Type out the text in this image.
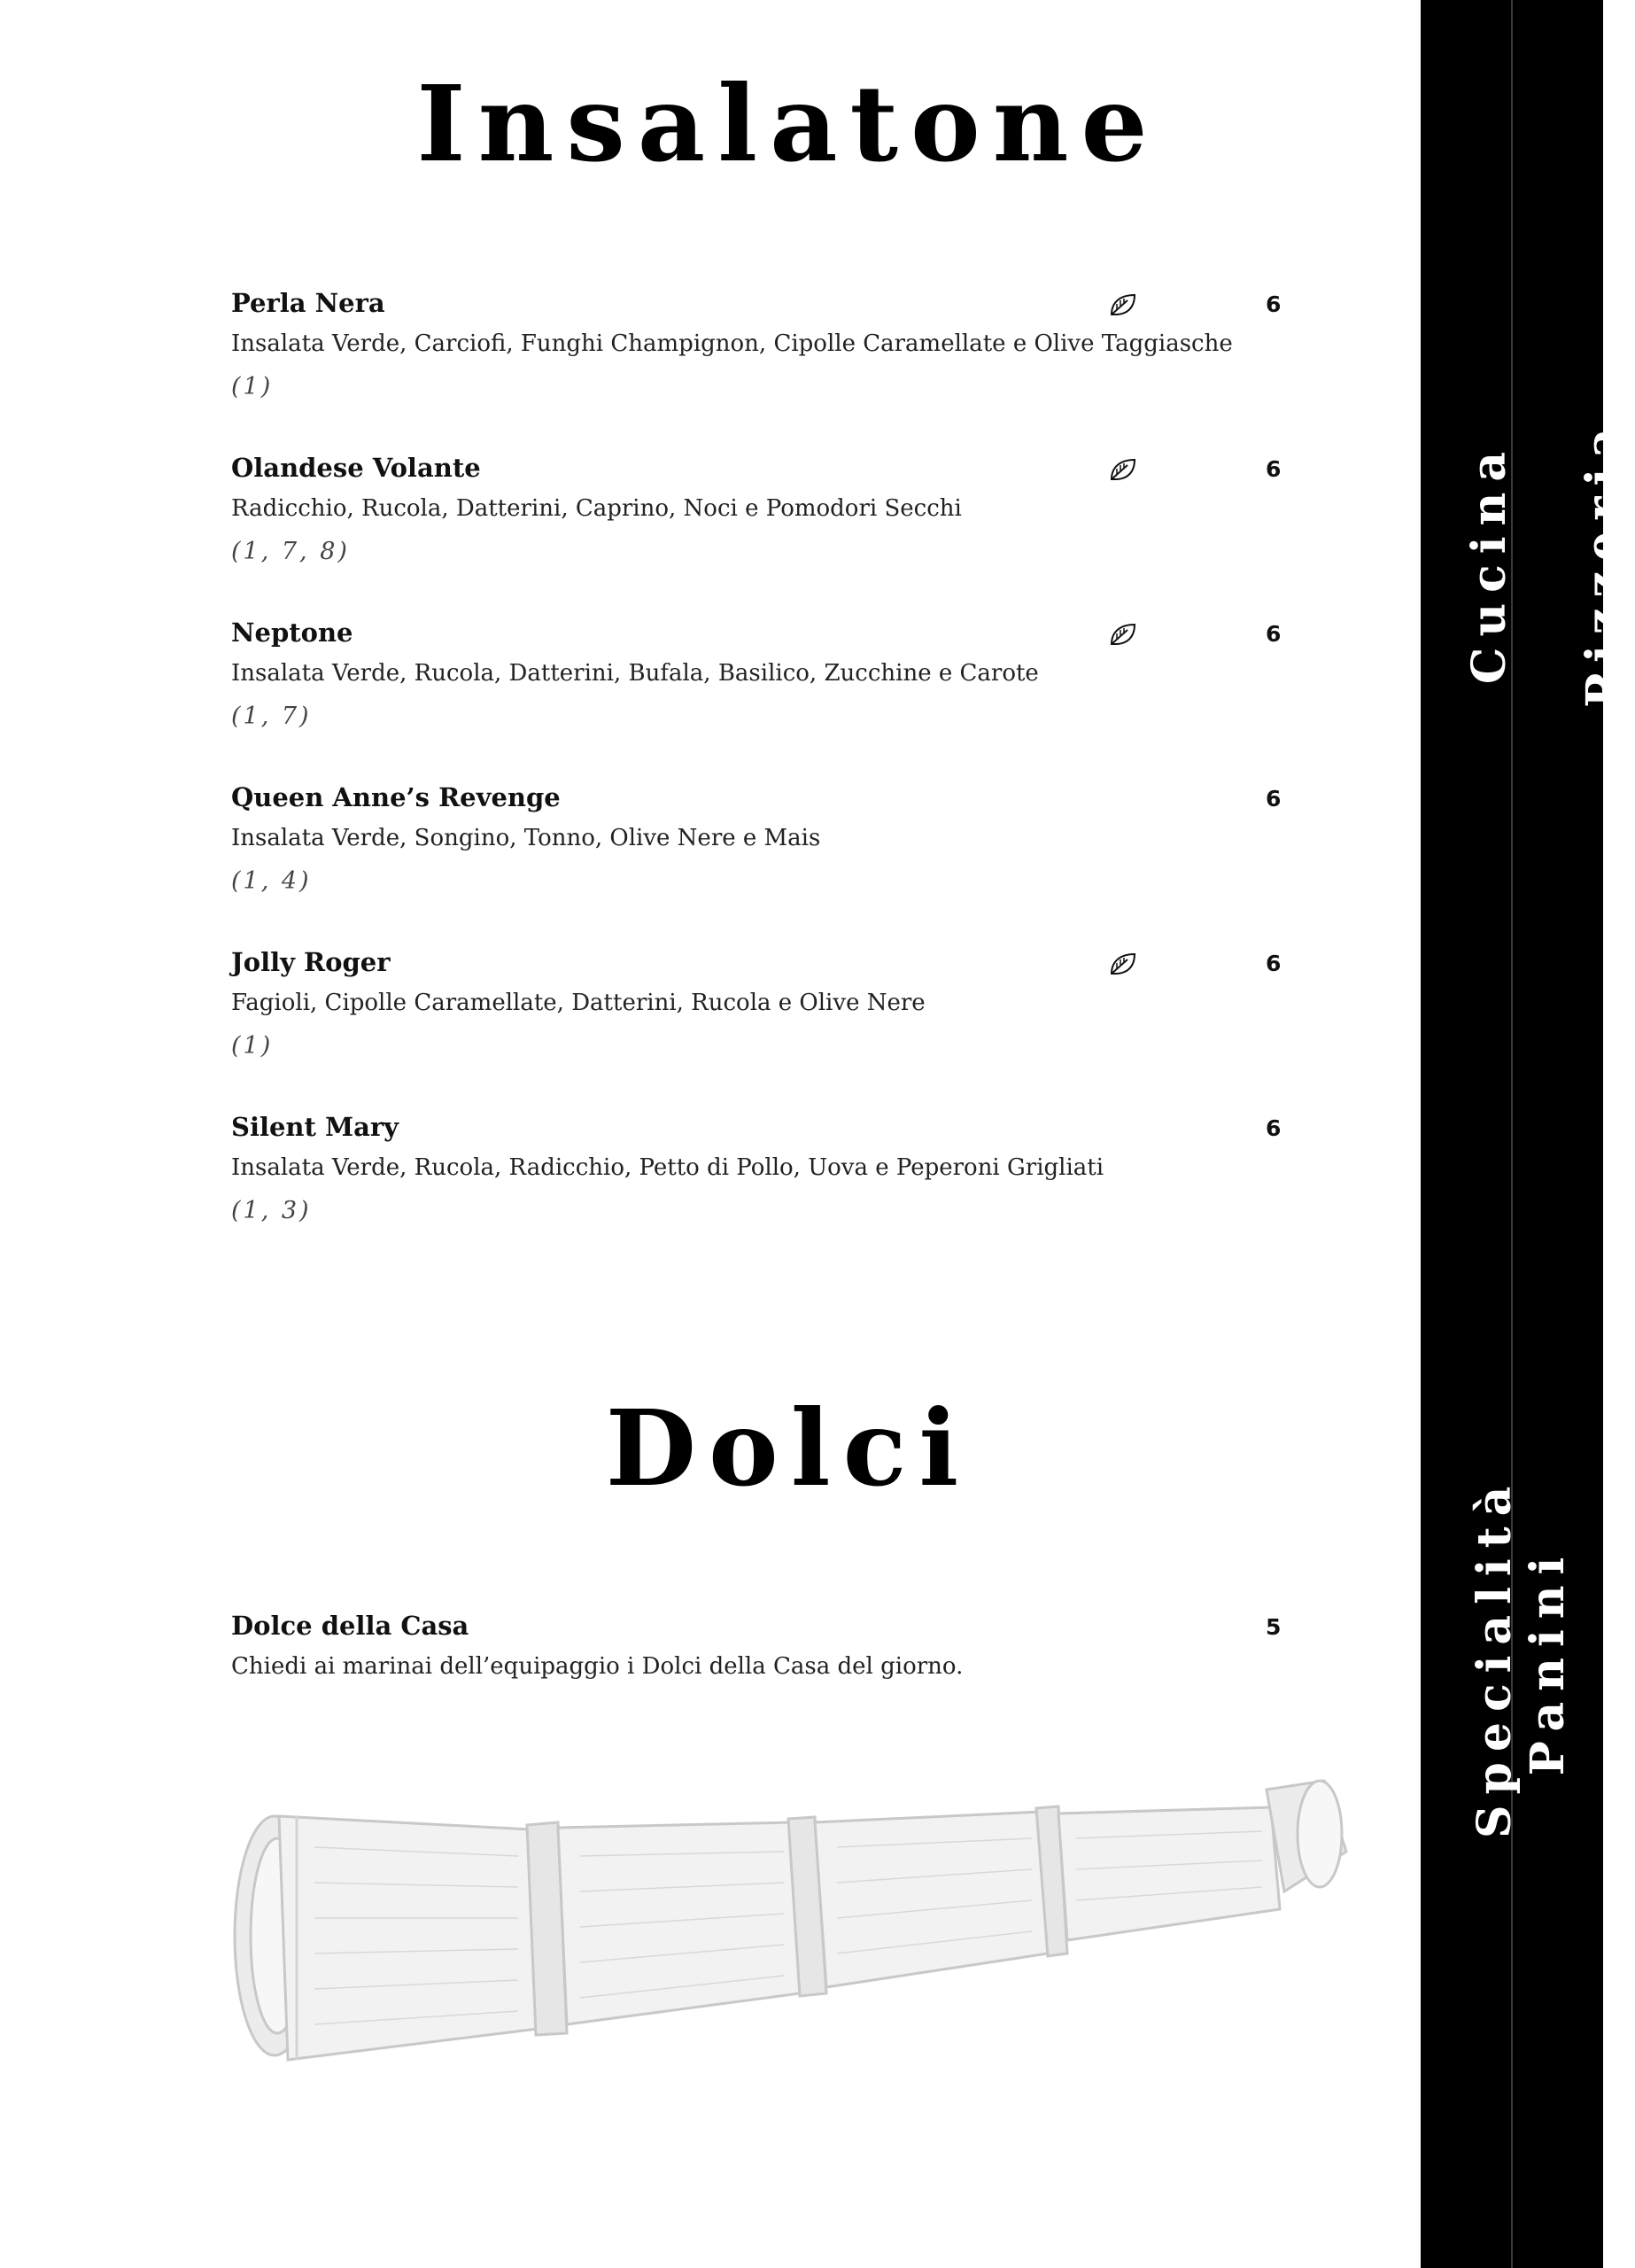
Insalatone
Perla Nera	6
Insalata Verde, Carciofi, Funghi Champignon, Cipolle Caramellate e Olive Taggiasche
(1)
Olandese Volante	6
Radicchio, Rucola, Datterini, Caprino, Noci e Pomodori Secchi
(1, 7, 8)
Neptone	6
Insalata Verde, Rucola, Datterini, Bufala, Basilico, Zucchine e Carote
(1, 7)
Queen Anne’s Revenge	6
Insalata Verde, Songino, Tonno, Olive Nere e Mais
(1, 4)
Jolly Roger	6
Fagioli, Cipolle Caramellate, Datterini, Rucola e Olive Nere
(1)
Silent Mary	6
Insalata Verde, Rucola, Radicchio, Petto di Pollo, Uova e Peperoni Grigliati
(1, 3)
Dolci
Dolce della Casa	5
Chiedi ai marinai dell’equipaggio i Dolci della Casa del giorno.
Cucina Pizzeria
Specialità Panini
